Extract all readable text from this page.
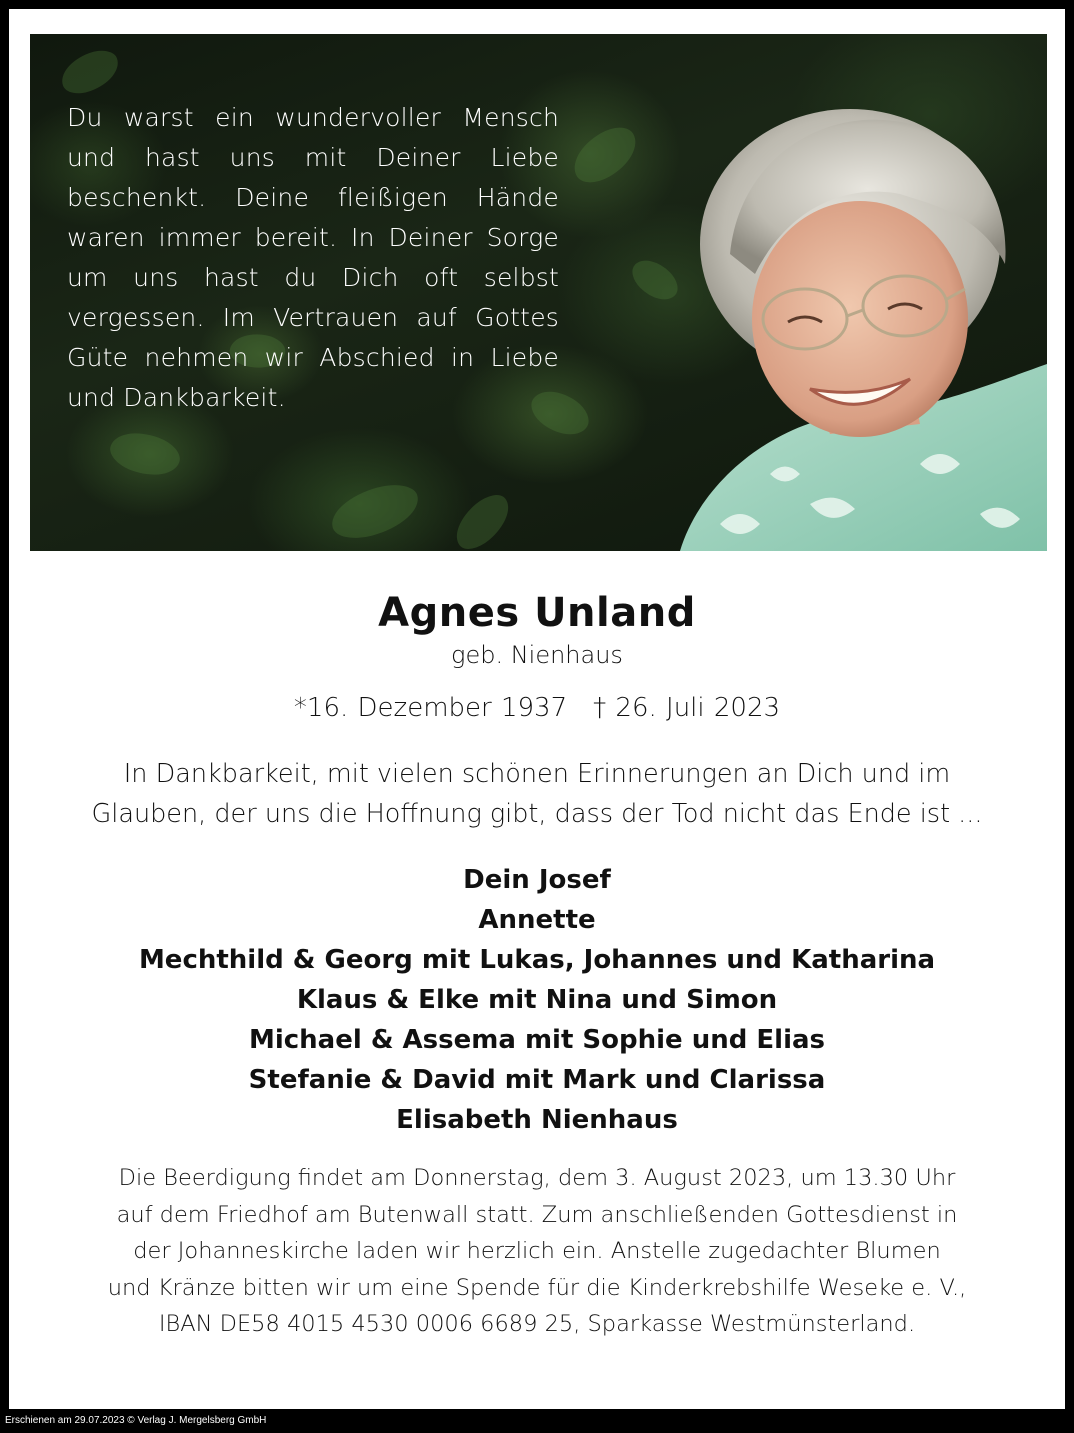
Du warst ein wundervoller Mensch
und hast uns mit Deiner Liebe
beschenkt. Deine fleißigen Hände
waren immer bereit. In Deiner Sorge
um uns hast du Dich oft selbst
vergessen. Im Vertrauen auf Gottes
Güte nehmen wir Abschied in Liebe
und Dankbarkeit.
Agnes Unland
geb. Nienhaus
*16. Dezember 1937 † 26. Juli 2023
In Dankbarkeit, mit vielen schönen Erinnerungen an Dich und im
Glauben, der uns die Hoffnung gibt, dass der Tod nicht das Ende ist ...
Dein Josef
Annette
Mechthild & Georg mit Lukas, Johannes und Katharina
Klaus & Elke mit Nina und Simon
Michael & Assema mit Sophie und Elias
Stefanie & David mit Mark und Clarissa
Elisabeth Nienhaus
Die Beerdigung findet am Donnerstag, dem 3. August 2023, um 13.30 Uhr
auf dem Friedhof am Butenwall statt. Zum anschließenden Gottesdienst in
der Johanneskirche laden wir herzlich ein. Anstelle zugedachter Blumen
und Kränze bitten wir um eine Spende für die Kinderkrebshilfe Weseke e. V.,
IBAN DE58 4015 4530 0006 6689 25, Sparkasse Westmünsterland.
Erschienen am 29.07.2023 © Verlag J. Mergelsberg GmbH
